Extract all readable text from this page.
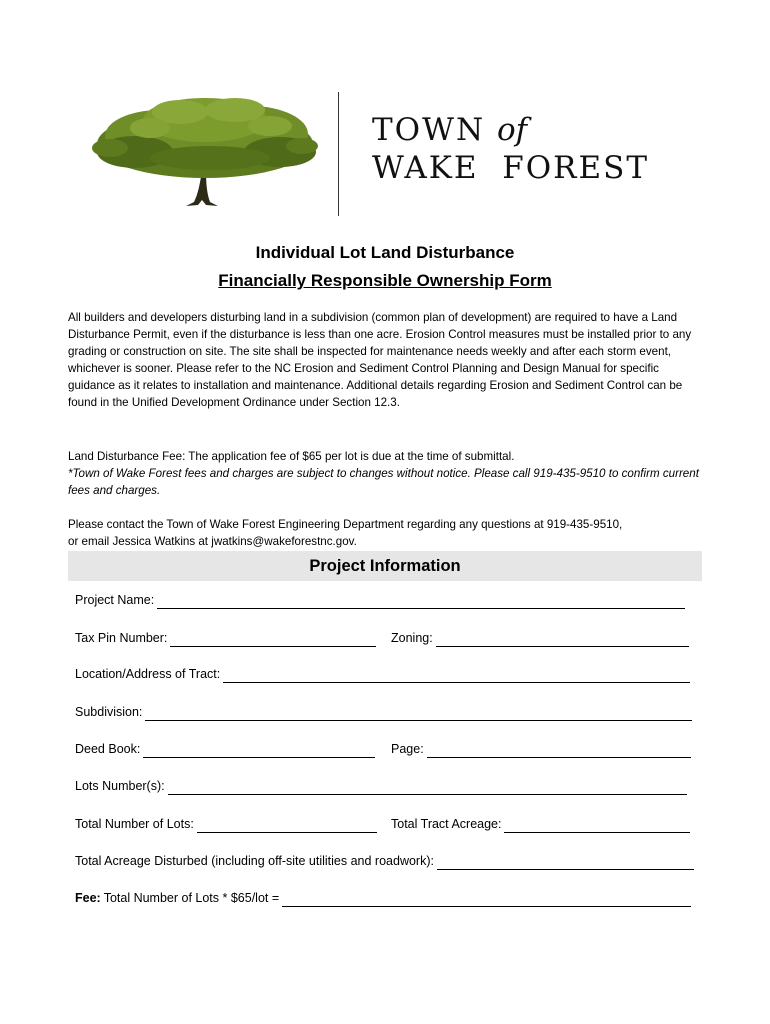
TOWN of
WAKE  FOREST
Individual Lot Land Disturbance
Financially Responsible Ownership Form
All builders and developers disturbing land in a subdivision (common plan of development) are required to have a Land Disturbance Permit, even if the disturbance is less than one acre. Erosion Control measures must be installed prior to any grading or construction on site. The site shall be inspected for maintenance needs weekly and after each storm event, whichever is sooner. Please refer to the NC Erosion and Sediment Control Planning and Design Manual for specific guidance as it relates to installation and maintenance. Additional details regarding Erosion and Sediment Control can be found in the Unified Development Ordinance under Section 12.3.
Land Disturbance Fee: The application fee of $65 per lot is due at the time of submittal.
*Town of Wake Forest fees and charges are subject to changes without notice. Please call 919-435-9510 to confirm current fees and charges.
Please contact the Town of Wake Forest Engineering Department regarding any questions at 919-435-9510,
or email Jessica Watkins at jwatkins@wakeforestnc.gov.
Project Information
Project Name:
Tax Pin Number:	Zoning:
Location/Address of Tract:
Subdivision:
Deed Book:	Page:
Lots Number(s):
Total Number of Lots:	Total Tract Acreage:
Total Acreage Disturbed (including off-site utilities and roadwork):
Fee: Total Number of Lots * $65/lot =
